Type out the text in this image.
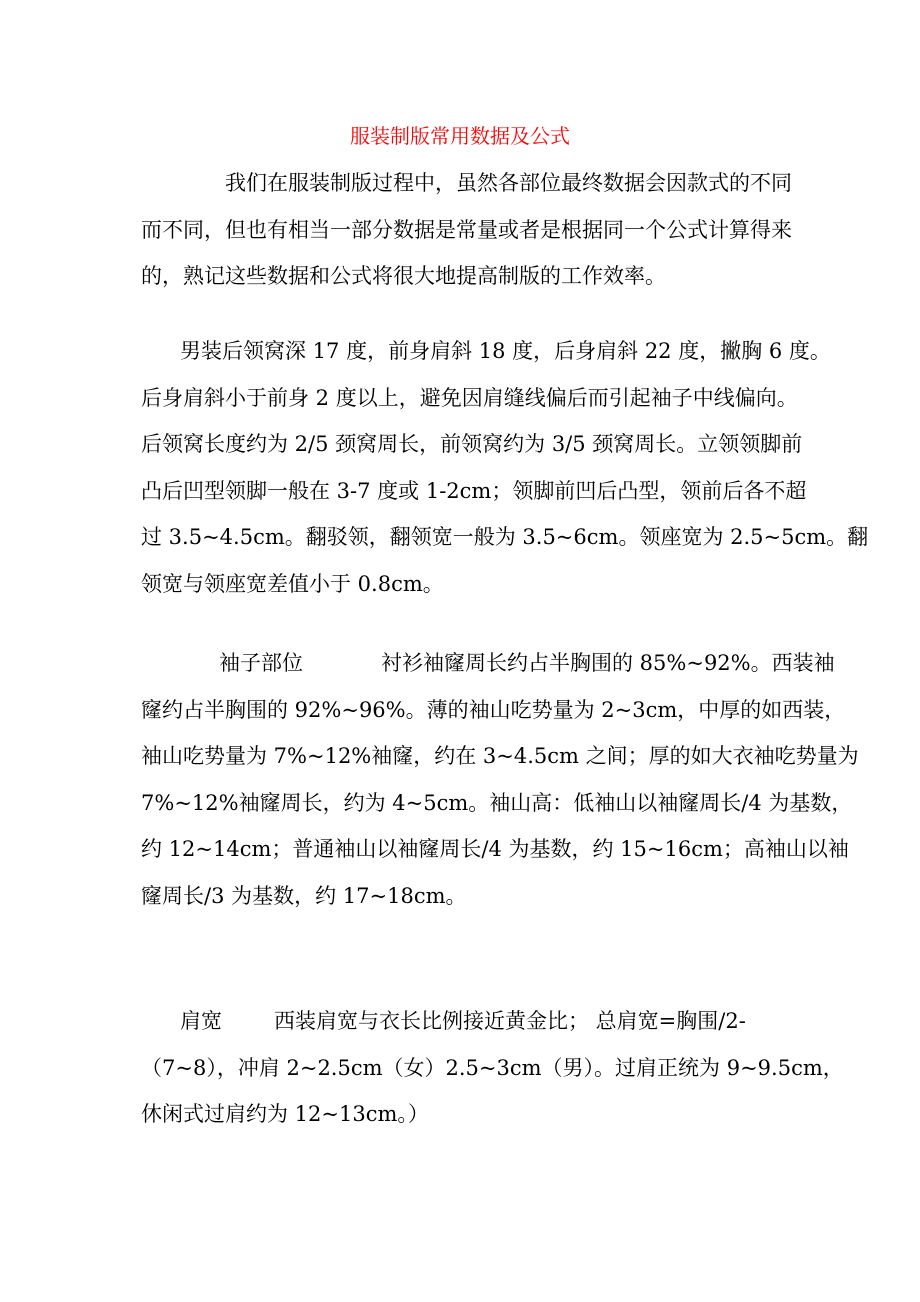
服装制版常用数据及公式
我们在服装制版过程中，虽然各部位最终数据会因款式的不同
而不同，但也有相当一部分数据是常量或者是根据同一个公式计算得来
的，熟记这些数据和公式将很大地提高制版的工作效率。
男装后领窝深 17 度，前身肩斜 18 度，后身肩斜 22 度，撇胸 6 度。
后身肩斜小于前身 2 度以上，避免因肩缝线偏后而引起袖子中线偏向。
后领窝长度约为 2/5 颈窝周长，前领窝约为 3/5 颈窝周长。立领领脚前
凸后凹型领脚一般在 3-7 度或 1-2cm；领脚前凹后凸型，领前后各不超
过 3.5~4.5cm。翻驳领，翻领宽一般为 3.5~6cm。领座宽为 2.5~5cm。翻
领宽与领座宽差值小于 0.8cm。
袖子部位	衬衫袖窿周长约占半胸围的 85%~92%。西装袖
窿约占半胸围的 92%~96%。薄的袖山吃势量为 2~3cm，中厚的如西装，
袖山吃势量为 7%~12%袖窿，约在 3~4.5cm 之间；厚的如大衣袖吃势量为
7%~12%袖窿周长，约为 4~5cm。袖山高：低袖山以袖窿周长/4 为基数，
约 12~14cm；普通袖山以袖窿周长/4 为基数，约 15~16cm；高袖山以袖
窿周长/3 为基数，约 17~18cm。
肩宽 西装肩宽与衣长比例接近黄金比； 总肩宽=胸围/2-
（7~8），冲肩 2~2.5cm（女）2.5~3cm（男）。过肩正统为 9~9.5cm，
休闲式过肩约为 12~13cm。）
